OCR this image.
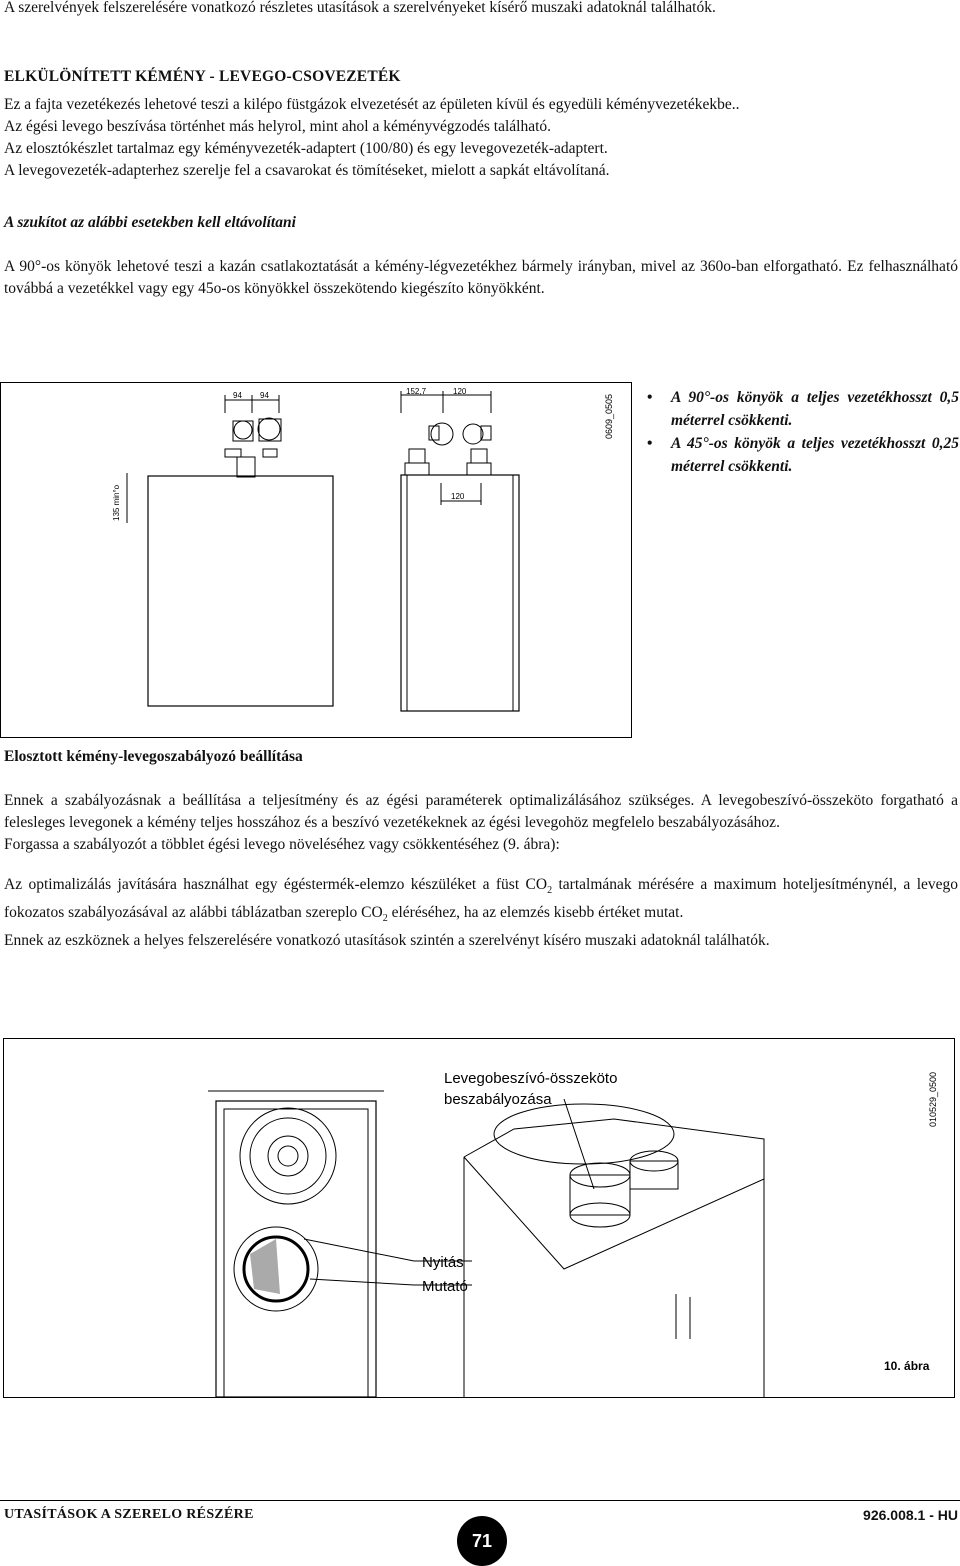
A szerelvények felszerelésére vonatkozó részletes utasítások a szerelvényeket kísérő muszaki adatoknál találhatók.
ELKÜLÖNÍTETT KÉMÉNY - LEVEGO-CSOVEZETÉK
Ez a fajta vezetékezés lehetové teszi a kilépo füstgázok elvezetését az épületen kívül és egyedüli kéményvezetékekbe..
Az égési levego beszívása történhet más helyrol, mint ahol a kéményvégzodés található.
Az elosztókészlet tartalmaz egy kéményvezeték-adaptert (100/80) és egy levegovezeték-adaptert.
A levegovezeték-adapterhez szerelje fel a csavarokat és tömítéseket, mielott a sapkát eltávolítaná.
A szukítot az alábbi esetekben kell eltávolítani
A 90°-os könyök lehetové teszi a kazán csatlakoztatását a kémény-légvezetékhez bármely irányban, mivel az 360o-ban elforgatható. Ez felhasználható továbbá a vezetékkel vagy egy 45o-os könyökkel összekötendo kiegészíto könyökként.
94 94
135 min°o
152,7	120
120
0609_0505 • A 90°-os könyök a teljes vezetékhosszt 0,5 méterrel csökkenti.
• A 45°-os könyök a teljes vezetékhosszt 0,25 méterrel csökkenti.
Elosztott kémény-levegoszabályozó beállítása
Ennek a szabályozásnak a beállítása a teljesítmény és az égési paraméterek optimalizálásához szükséges. A levegobeszívó-összeköto forgatható a felesleges levegonek a kémény teljes hosszához és a beszívó vezetékeknek az égési levegohöz megfelelo beszabályozásához.
Forgassa a szabályozót a többlet égési levego növeléséhez vagy csökkentéséhez (9. ábra):
Az optimalizálás javítására használhat egy égéstermék-elemzo készüléket a füst $CO_2$ tartalmának mérésére a maximum hoteljesítménynél, a levego fokozatos szabályozásával az alábbi táblázatban szereplo $CO_2$ eléréséhez, ha az elemzés kisebb értéket mutat.
Ennek az eszköznek a helyes felszerelésére vonatkozó utasítások szintén a szerelvényt kíséro muszaki adatoknál találhatók.
Levegobeszívó-összeköto
beszabályozása
Nyitás
Mutató
010529_0500
10. ábra
UTASÍTÁSOK A SZERELO RÉSZÉRE
71
926.008.1 - HU
